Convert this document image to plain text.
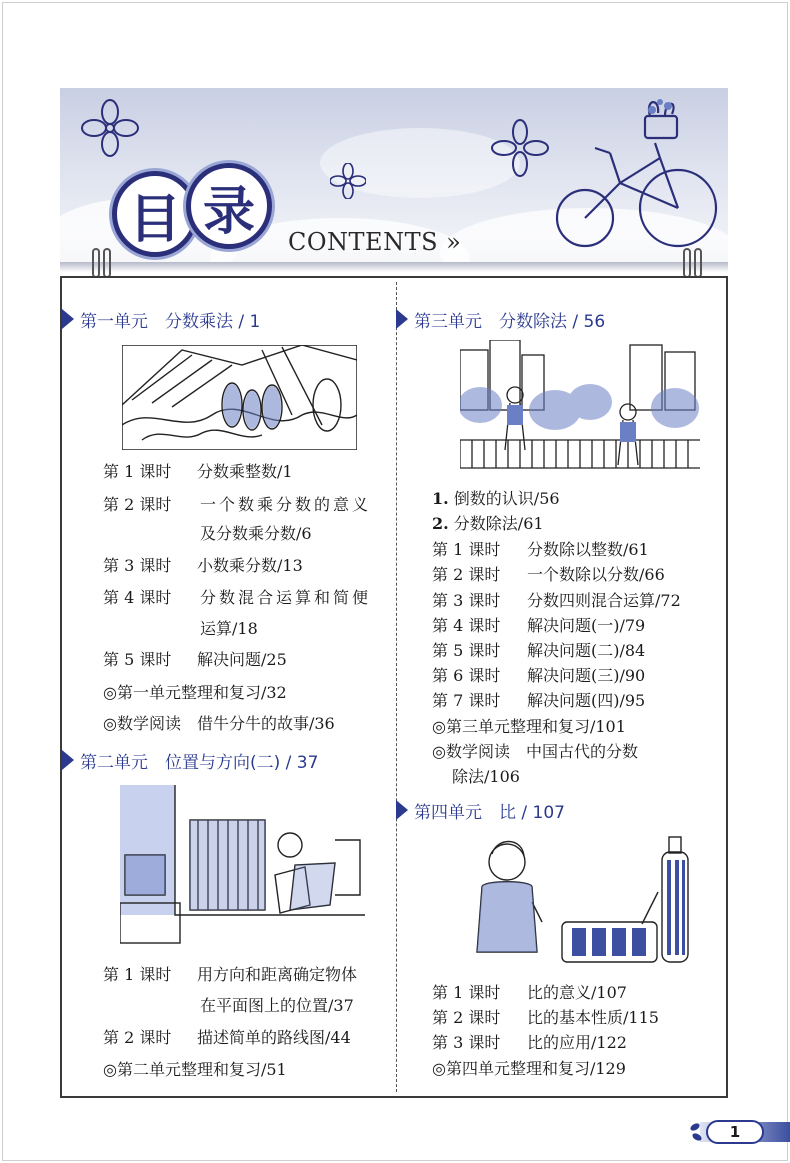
目 录
CONTENTS »
第一单元　分数乘法 / 1
第 1 课时 分数乘整数/1
第 2 课时 一个数乘分数的意义
及分数乘分数/6
第 3 课时 小数乘分数/13
第 4 课时 分数混合运算和简便
运算/18
第 5 课时 解决问题/25
◎第一单元整理和复习/32
◎数学阅读　借牛分牛的故事/36
第二单元　位置与方向(二) / 37
第 1 课时 用方向和距离确定物体
在平面图上的位置/37
第 2 课时 描述简单的路线图/44
◎第二单元整理和复习/51
第三单元　分数除法 / 56
1. 倒数的认识/56
2. 分数除法/61
第 1 课时 分数除以整数/61
第 2 课时 一个数除以分数/66
第 3 课时 分数四则混合运算/72
第 4 课时 解决问题(一)/79
第 5 课时 解决问题(二)/84
第 6 课时 解决问题(三)/90
第 7 课时 解决问题(四)/95
◎第三单元整理和复习/101
◎数学阅读　中国古代的分数
除法/106
第四单元　比 / 107
第 1 课时 比的意义/107
第 2 课时 比的基本性质/115
第 3 课时 比的应用/122
◎第四单元整理和复习/129
1
